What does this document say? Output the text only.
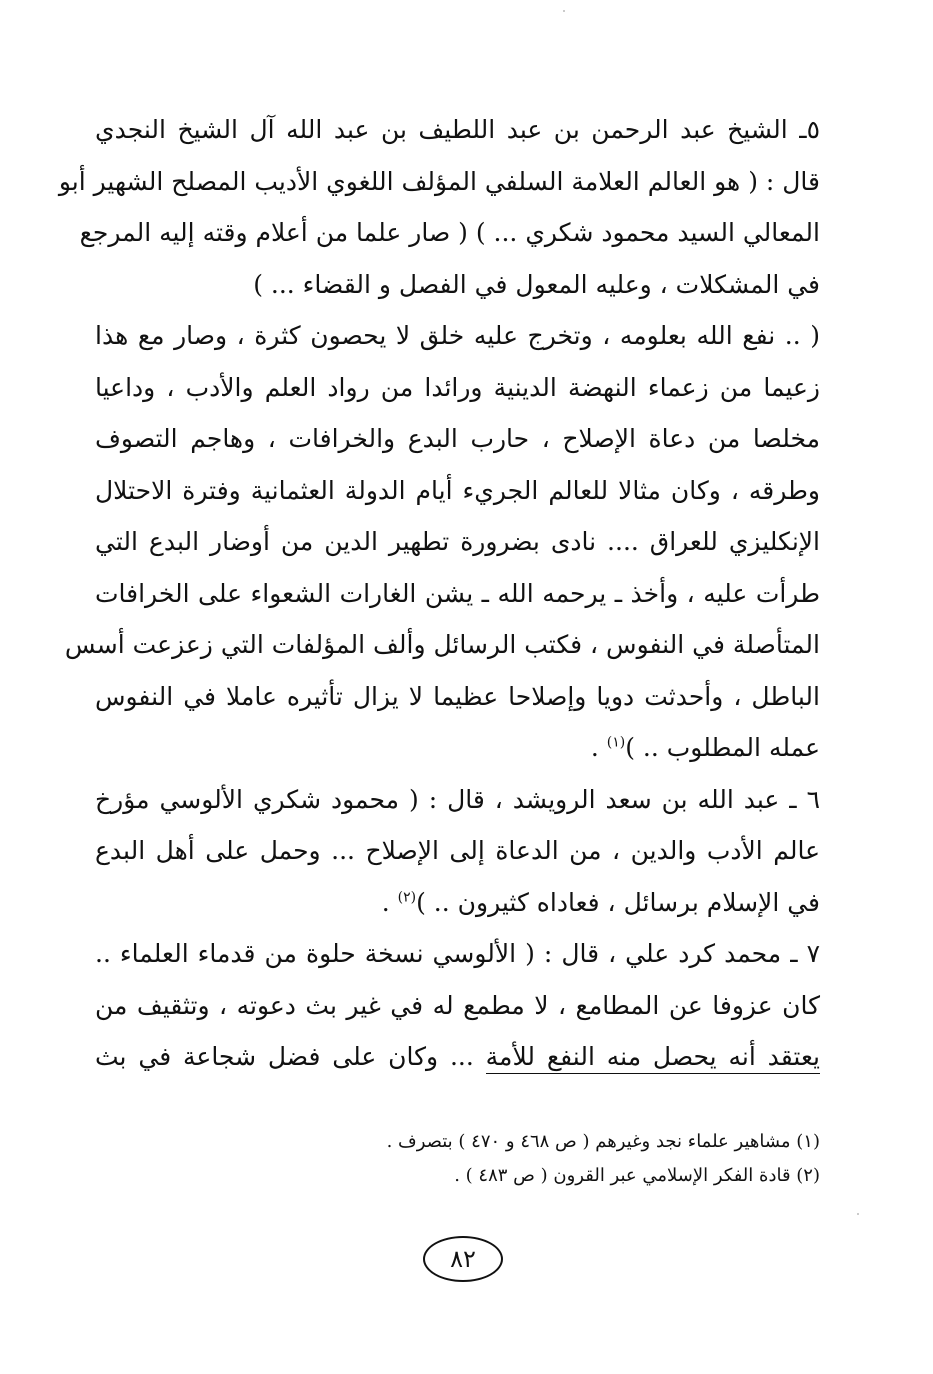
٥ـ الشيخ عبد الرحمن بن عبد اللطيف بن عبد الله آل الشيخ النجدي
قال : ( هو العالم العلامة السلفي المؤلف اللغوي الأديب المصلح الشهير أبو
المعالي السيد محمود شكري ... ) ( صار علما من أعلام وقته إليه المرجع
في المشكلات ، وعليه المعول في الفصل و القضاء ... )

( .. نفع الله بعلومه ، وتخرج عليه خلق لا يحصون كثرة ، وصار مع هذا
زعيما من زعماء النهضة الدينية ورائدا من رواد العلم والأدب ، وداعيا
مخلصا من دعاة الإصلاح ، حارب البدع والخرافات ، وهاجم التصوف
وطرقه ، وكان مثالا للعالم الجريء أيام الدولة العثمانية وفترة الاحتلال
الإنكليزي للعراق .... نادى بضرورة تطهير الدين من أوضار البدع التي
طرأت عليه ، وأخذ ـ يرحمه الله ـ يشن الغارات الشعواء على الخرافات
المتأصلة في النفوس ، فكتب الرسائل وألف المؤلفات التي زعزعت أسس
الباطل ، وأحدثت دويا وإصلاحا عظيما لا يزال تأثيره عاملا في النفوس
عمله المطلوب .. )$^{(١)}$ .

٦ ـ عبد الله بن سعد الرويشد ، قال : ( محمود شكري الألوسي مؤرخ
عالم الأدب والدين ، من الدعاة إلى الإصلاح ... وحمل على أهل البدع
في الإسلام برسائل ، فعاداه كثيرون .. )$^{(٢)}$ .

٧ ـ محمد كرد علي ، قال : ( الألوسي نسخة حلوة من قدماء العلماء ..
كان عزوفا عن المطامع ، لا مطمع له في غير بث دعوته ، وتثقيف من
يعتقد أنه يحصل منه النفع للأمة ... وكان على فضل شجاعة في بث

(١) مشاهير علماء نجد وغيرهم ( ص ٤٦٨ و ٤٧٠ ) بتصرف .

(٢) قادة الفكر الإسلامي عبر القرون ( ص ٤٨٣ ) .

٨٢
